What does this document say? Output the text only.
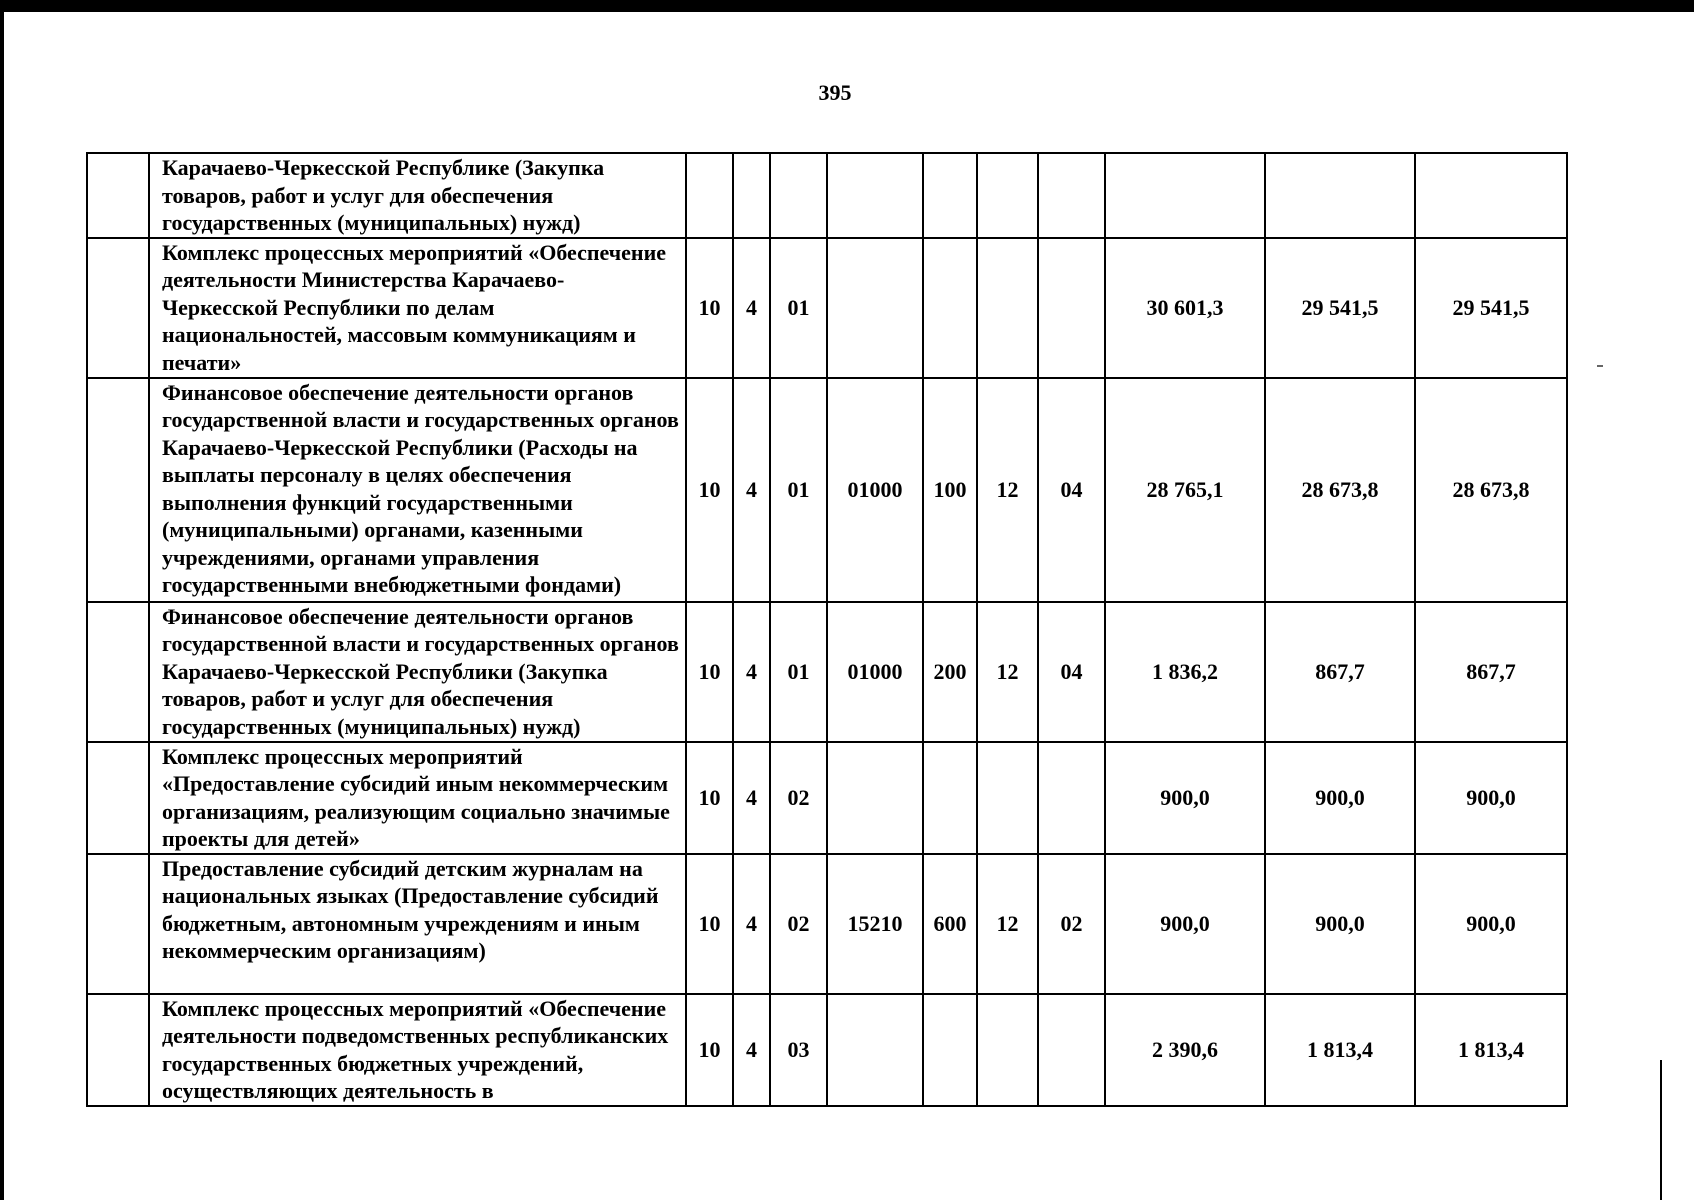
395
	Карачаево-Черкесской Республике (Закупка товаров, работ и услуг для обеспечения государственных (муниципальных) нужд)										
	Комплекс процессных мероприятий «Обеспечение деятельности Министерства Карачаево-Черкесской Республики по делам национальностей, массовым коммуникациям и печати»	10	4	01					30 601,3	29 541,5	29 541,5
	Финансовое обеспечение деятельности органов государственной власти и государственных органов Карачаево-Черкесской Республики (Расходы на выплаты персоналу в целях обеспечения выполнения функций государственными (муниципальными) органами, казенными учреждениями, органами управления государственными внебюджетными фондами)	10	4	01	01000	100	12	04	28 765,1	28 673,8	28 673,8
	Финансовое обеспечение деятельности органов государственной власти и государственных органов Карачаево-Черкесской Республики (Закупка товаров, работ и услуг для обеспечения государственных (муниципальных) нужд)	10	4	01	01000	200	12	04	1 836,2	867,7	867,7
	Комплекс процессных мероприятий «Предоставление субсидий иным некоммерческим организациям, реализующим социально значимые проекты для детей»	10	4	02					900,0	900,0	900,0
	Предоставление субсидий детским журналам на национальных языках (Предоставление субсидий бюджетным, автономным учреждениям и иным некоммерческим организациям)	10	4	02	15210	600	12	02	900,0	900,0	900,0
	Комплекс процессных мероприятий «Обеспечение деятельности подведомственных республиканских государственных бюджетных учреждений, осуществляющих деятельность в	10	4	03					2 390,6	1 813,4	1 813,4
